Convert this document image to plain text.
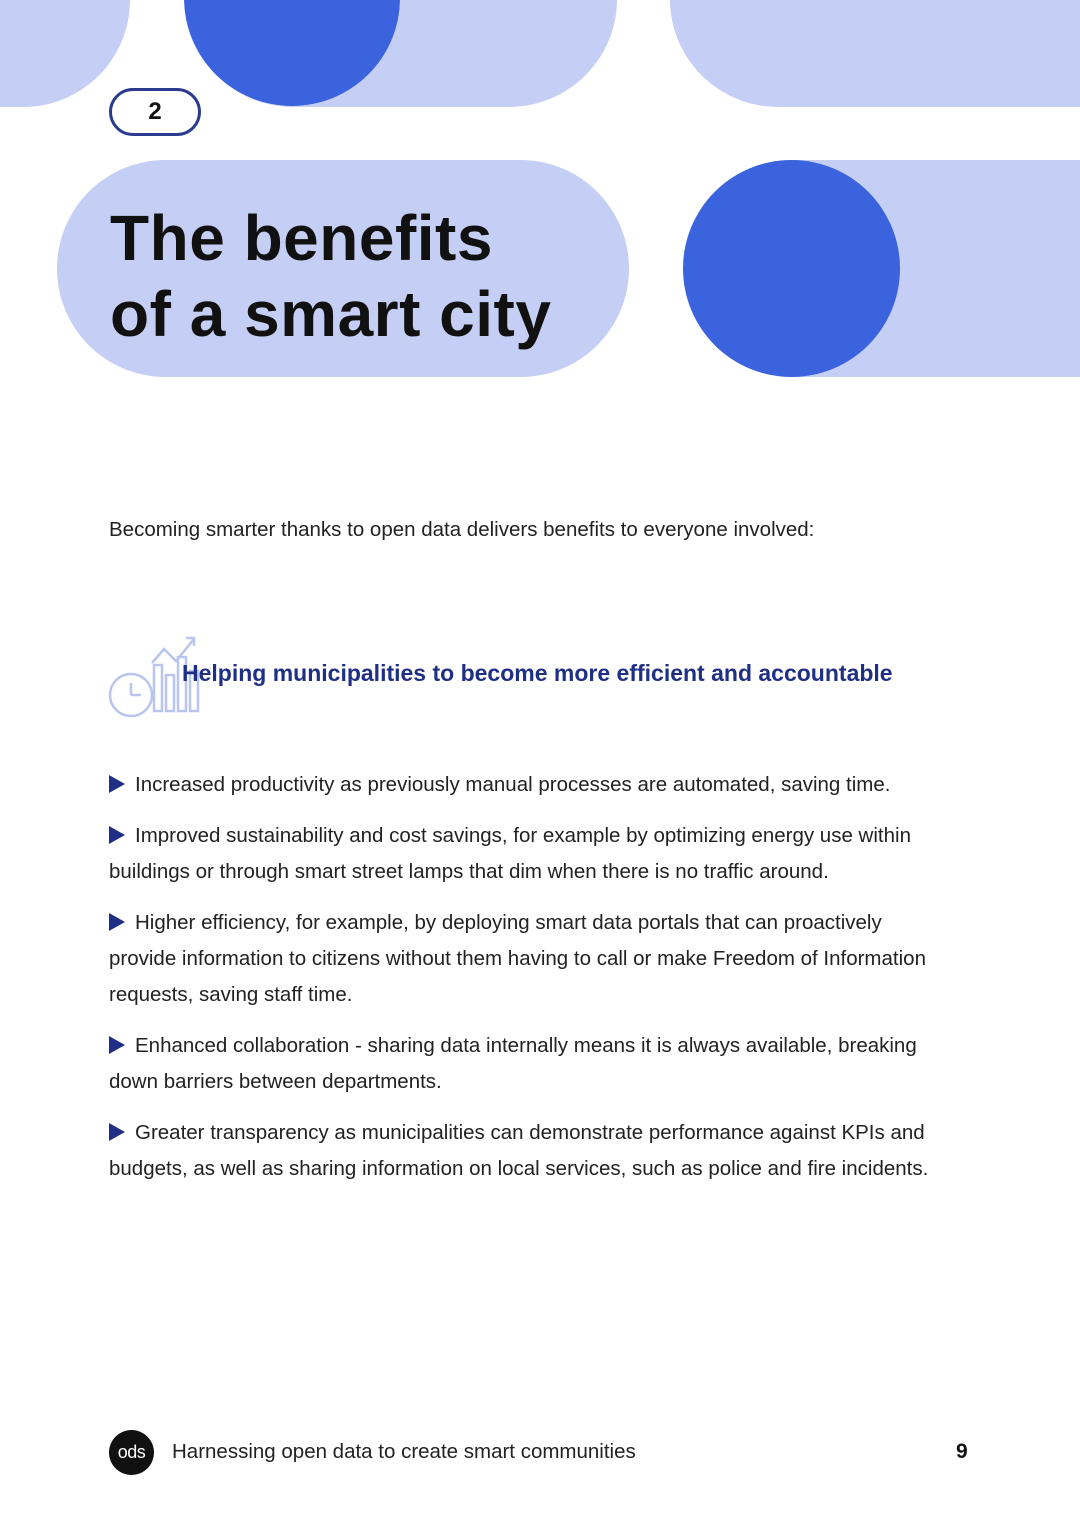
2
The benefits
of a smart city

Becoming smarter thanks to open data delivers benefits to everyone involved:

Helping municipalities to become more efficient and accountable
Increased productivity as previously manual processes are automated, saving time.
Improved sustainability and cost savings, for example by optimizing energy use within buildings or through smart street lamps that dim when there is no traffic around.
Higher efficiency, for example, by deploying smart data portals that can proactively provide information to citizens without them having to call or make Freedom of Information requests, saving staff time.
Enhanced collaboration - sharing data internally means it is always available, breaking down barriers between departments.
Greater transparency as municipalities can demonstrate performance against KPIs and budgets, as well as sharing information on local services, such as police and fire incidents.
ods	Harnessing open data to create smart communities	9
